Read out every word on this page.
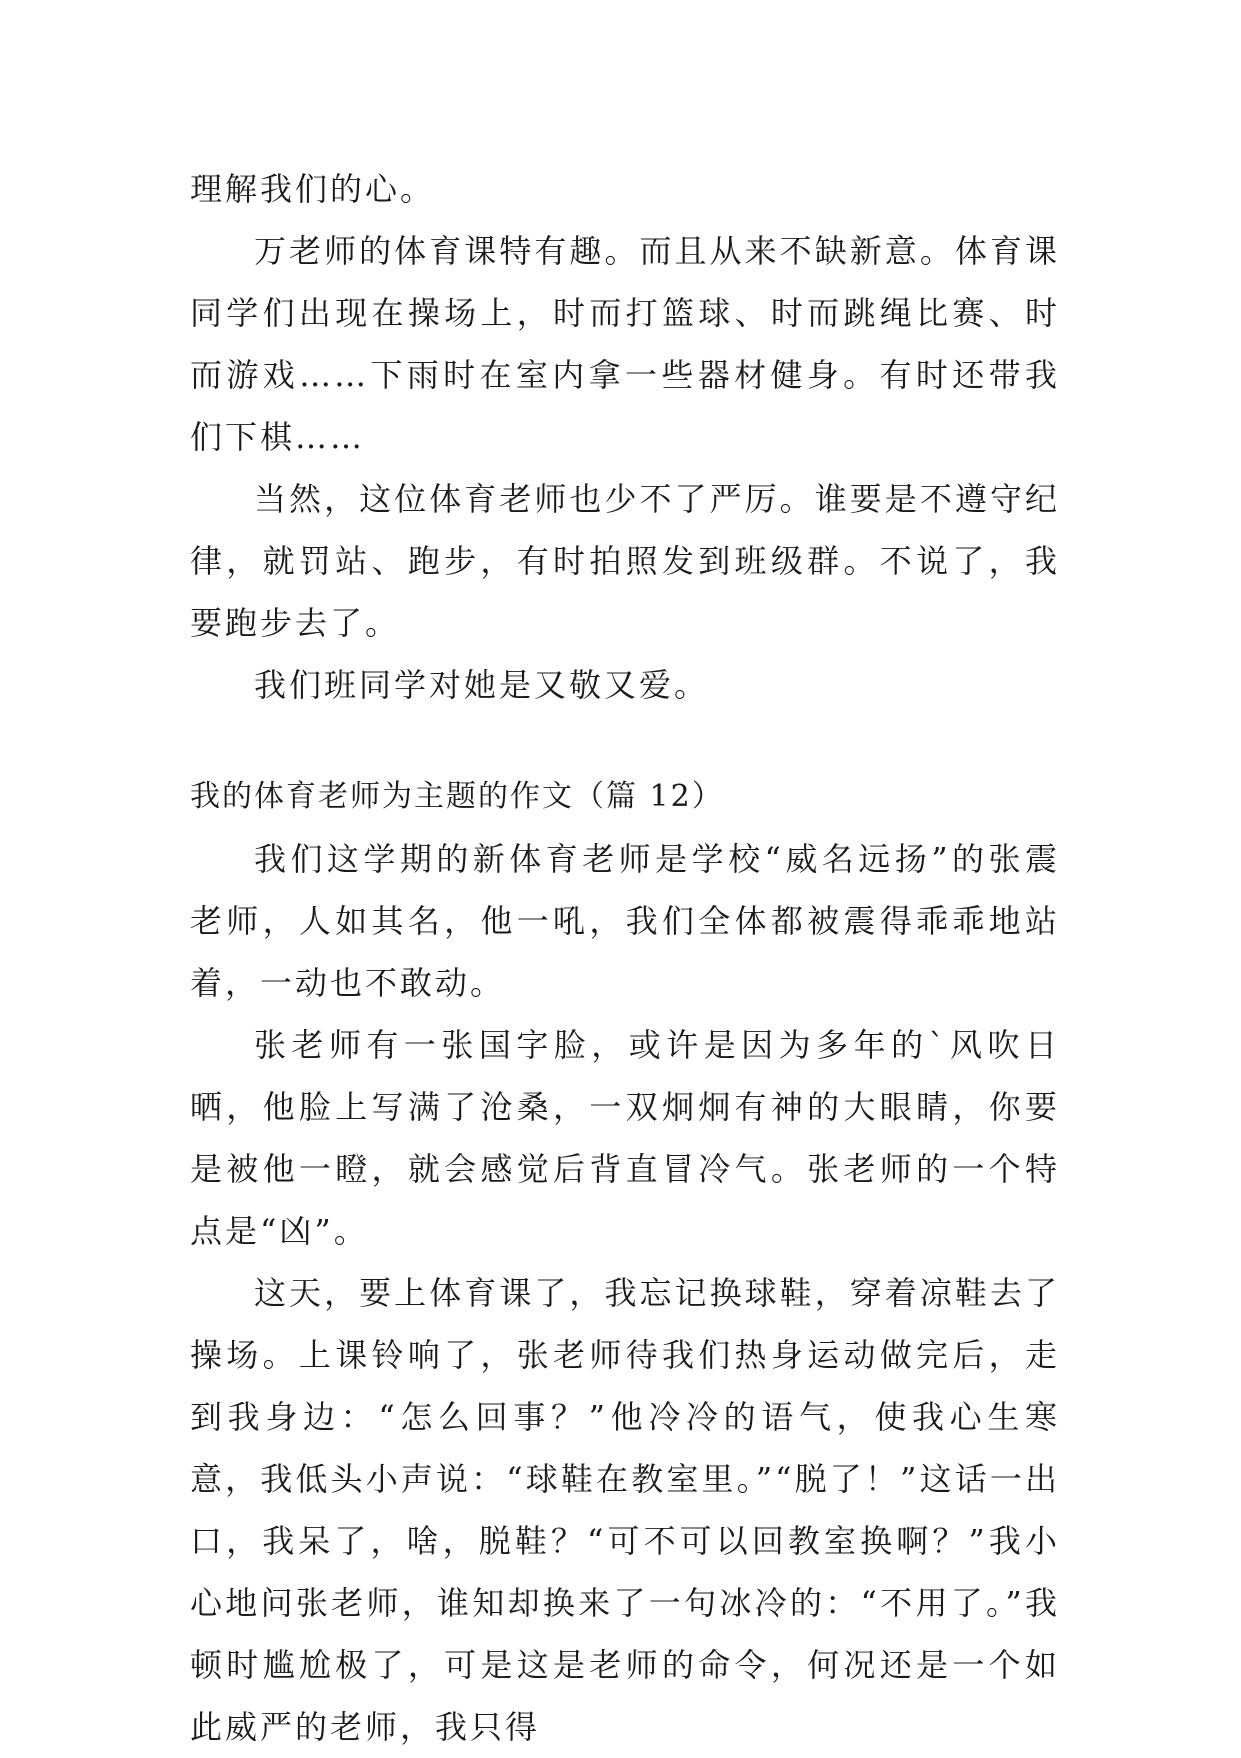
理解我们的心。

万老师的体育课特有趣。而且从来不缺新意。体育课同学们出现在操场上，时而打篮球、时而跳绳比赛、时而游戏……下雨时在室内拿一些器材健身。有时还带我们下棋……

当然，这位体育老师也少不了严厉。谁要是不遵守纪律，就罚站、跑步，有时拍照发到班级群。不说了，我要跑步去了。

我们班同学对她是又敬又爱。

我的体育老师为主题的作文（篇 12）

我们这学期的新体育老师是学校“威名远扬”的张震老师，人如其名，他一吼，我们全体都被震得乖乖地站着，一动也不敢动。

张老师有一张国字脸，或许是因为多年的`风吹日晒，他脸上写满了沧桑，一双炯炯有神的大眼睛，你要是被他一瞪，就会感觉后背直冒冷气。张老师的一个特点是“凶”。

这天，要上体育课了，我忘记换球鞋，穿着凉鞋去了操场。上课铃响了，张老师待我们热身运动做完后，走到我身边：“怎么回事？”他冷冷的语气，使我心生寒意，我低头小声说：“球鞋在教室里。”“脱了！”这话一出口，我呆了，啥，脱鞋？“可不可以回教室换啊？”我小心地问张老师，谁知却换来了一句冰冷的：“不用了。”我顿时尴尬极了，可是这是老师的命令，何况还是一个如此威严的老师，我只得
